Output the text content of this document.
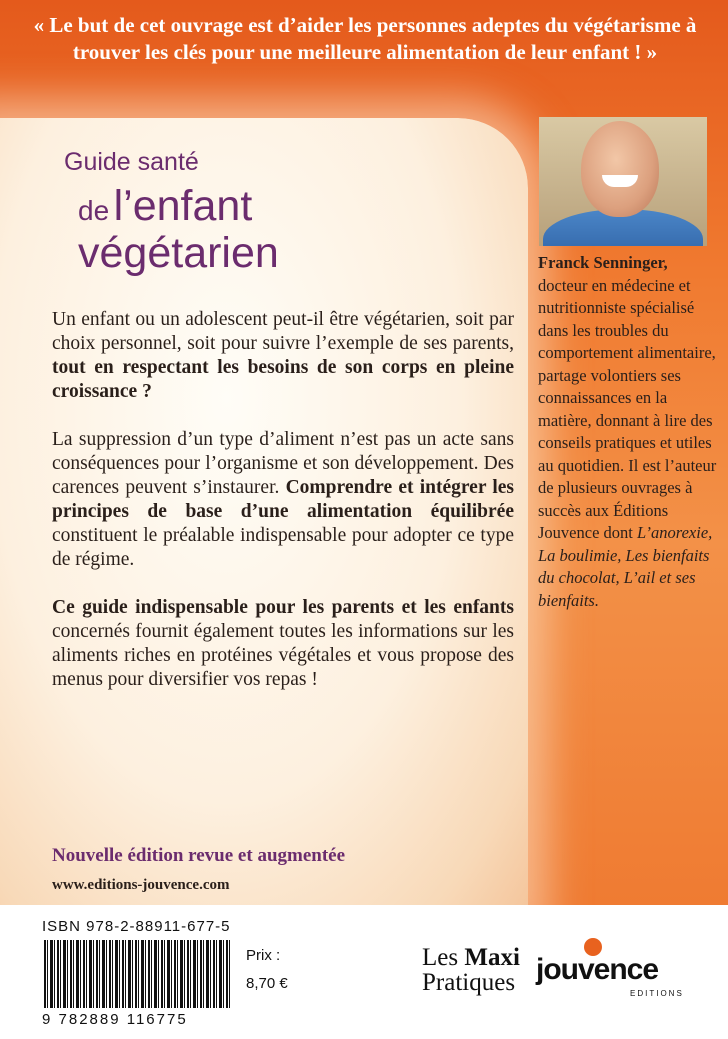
« Le but de cet ouvrage est d’aider les personnes adeptes du végétarisme à trouver les clés pour une meilleure alimentation de leur enfant ! »
Guide santé
de l’enfant
végétarien

Un enfant ou un adolescent peut-il être végétarien, soit par choix personnel, soit pour suivre l’exemple de ses parents, tout en respectant les besoins de son corps en pleine croissance ?

La suppression d’un type d’aliment n’est pas un acte sans conséquences pour l’organisme et son développement. Des carences peuvent s’instaurer. Comprendre et intégrer les principes de base d’une alimentation équilibrée constituent le préalable indispensable pour adopter ce type de régime.

Ce guide indispensable pour les parents et les enfants concernés fournit également toutes les informations sur les aliments riches en protéines végétales et vous propose des menus pour diversifier vos repas !

Nouvelle édition revue et augmentée
www.editions-jouvence.com
Franck Senninger, docteur en médecine et nutritionniste spécialisé dans les troubles du comportement alimentaire, partage volontiers ses connaissances en la matière, donnant à lire des conseils pratiques et utiles au quotidien. Il est l’auteur de plusieurs ouvrages à succès aux Éditions Jouvence dont L’anorexie, La boulimie, Les bienfaits du chocolat, L’ail et ses bienfaits.
ISBN 978-2-88911-677-5
9 782889 116775
Prix :
8,70 €
Les Maxi
Pratiques jouvence
EDITIONS
